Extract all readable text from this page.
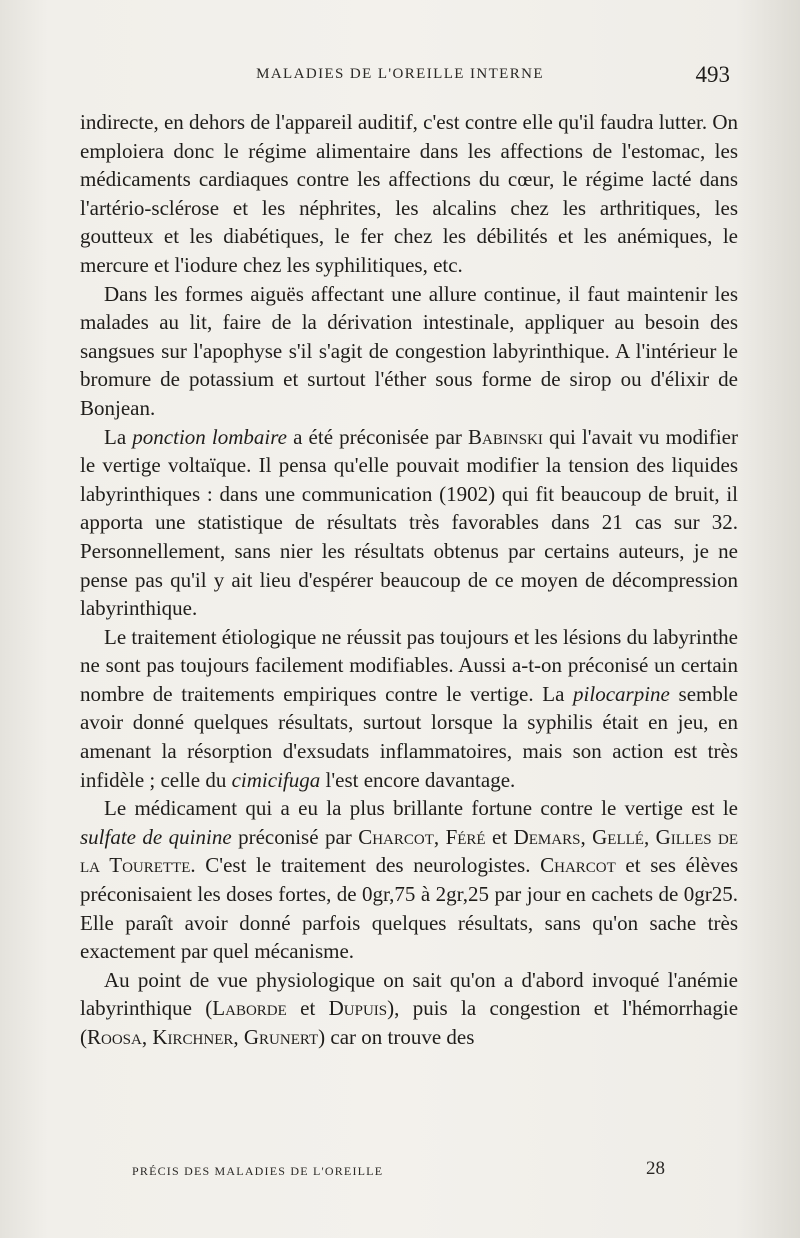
MALADIES DE L'OREILLE INTERNE	493

indirecte, en dehors de l'appareil auditif, c'est contre elle qu'il faudra lutter. On emploiera donc le régime alimentaire dans les affections de l'estomac, les médicaments cardiaques contre les affections du cœur, le régime lacté dans l'artério-sclérose et les néphrites, les alcalins chez les arthritiques, les goutteux et les diabétiques, le fer chez les débilités et les anémiques, le mercure et l'iodure chez les syphilitiques, etc.

Dans les formes aiguës affectant une allure continue, il faut maintenir les malades au lit, faire de la dérivation intestinale, appliquer au besoin des sangsues sur l'apophyse s'il s'agit de congestion labyrinthique. A l'intérieur le bromure de potassium et surtout l'éther sous forme de sirop ou d'élixir de Bonjean.

La ponction lombaire a été préconisée par Babinski qui l'avait vu modifier le vertige voltaïque. Il pensa qu'elle pouvait modifier la tension des liquides labyrinthiques : dans une communication (1902) qui fit beaucoup de bruit, il apporta une statistique de résultats très favorables dans 21 cas sur 32. Personnellement, sans nier les résultats obtenus par certains auteurs, je ne pense pas qu'il y ait lieu d'espérer beaucoup de ce moyen de décompression labyrinthique.

Le traitement étiologique ne réussit pas toujours et les lésions du labyrinthe ne sont pas toujours facilement modifiables. Aussi a-t-on préconisé un certain nombre de traitements empiriques contre le vertige. La pilocarpine semble avoir donné quelques résultats, surtout lorsque la syphilis était en jeu, en amenant la résorption d'exsudats inflammatoires, mais son action est très infidèle ; celle du cimicifuga l'est encore davantage.

Le médicament qui a eu la plus brillante fortune contre le vertige est le sulfate de quinine préconisé par Charcot, Féré et Demars, Gellé, Gilles de la Tourette. C'est le traitement des neurologistes. Charcot et ses élèves préconisaient les doses fortes, de 0gr,75 à 2gr,25 par jour en cachets de 0gr25. Elle paraît avoir donné parfois quelques résultats, sans qu'on sache très exactement par quel mécanisme.

Au point de vue physiologique on sait qu'on a d'abord invoqué l'anémie labyrinthique (Laborde et Dupuis), puis la congestion et l'hémorrhagie (Roosa, Kirchner, Grunert) car on trouve des

PRÉCIS DES MALADIES DE L'OREILLE	28
